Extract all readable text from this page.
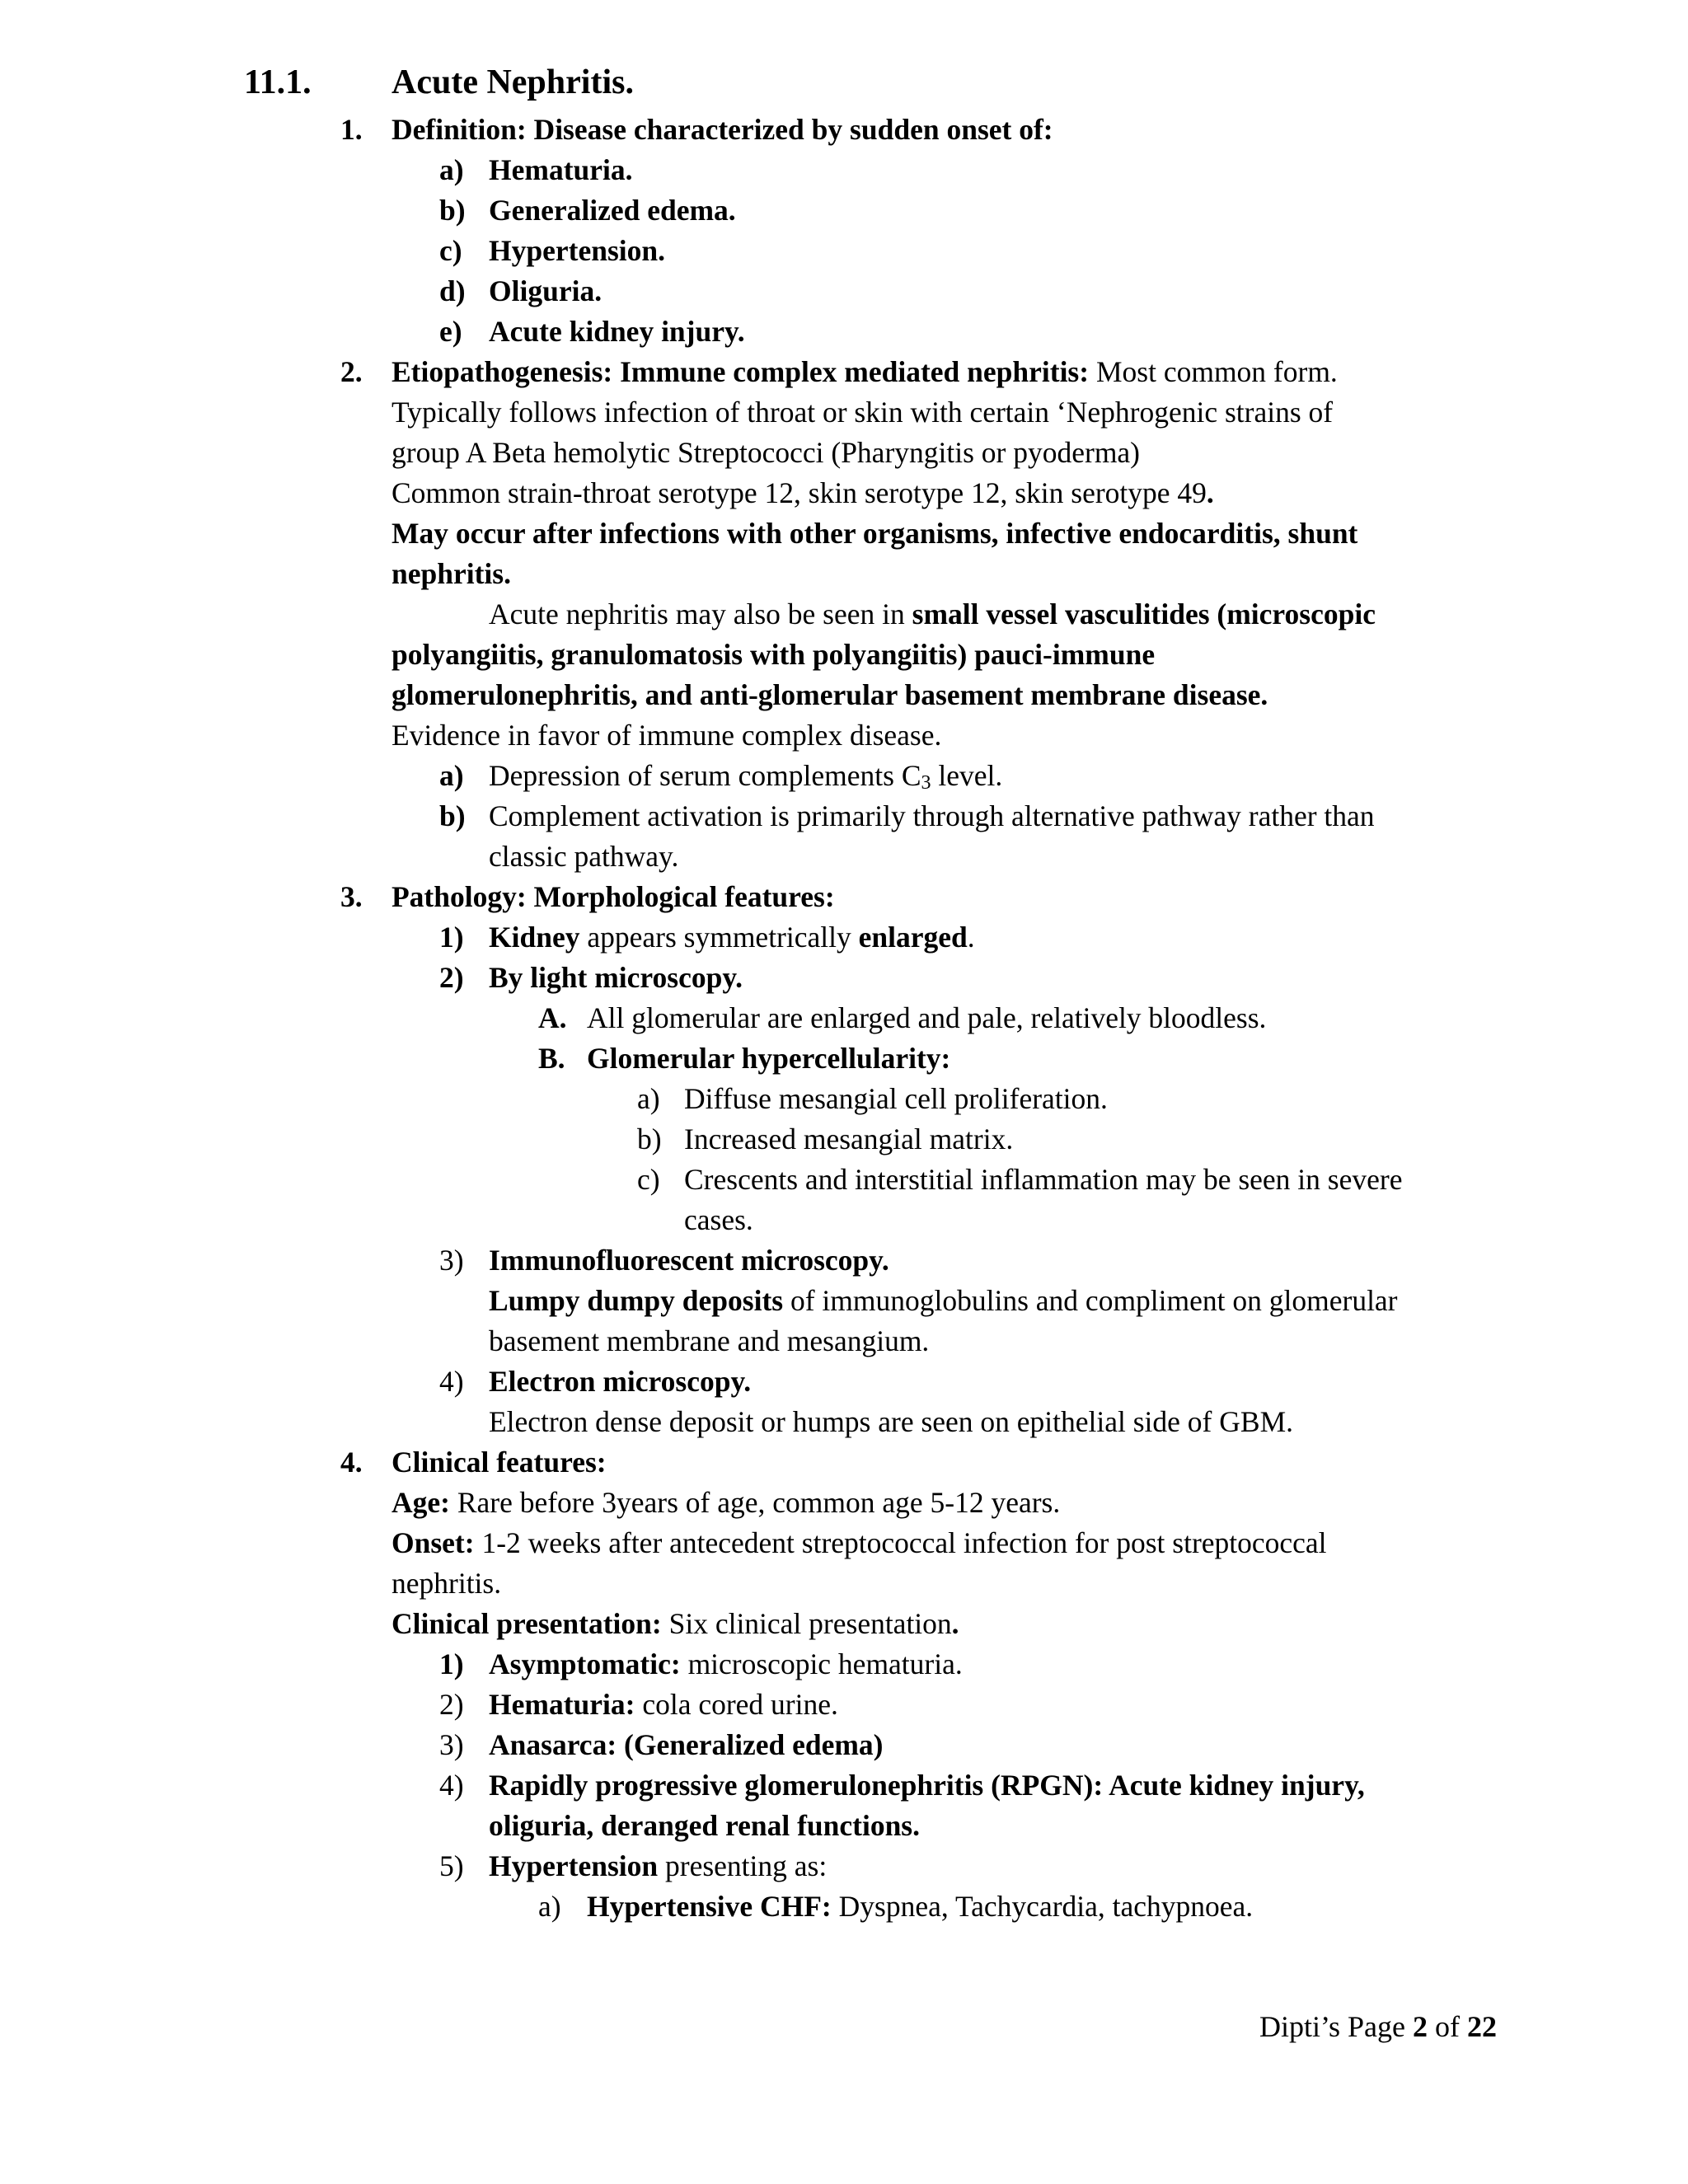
11.1. Acute Nephritis.
1. Definition: Disease characterized by sudden onset of:
a) Hematuria.
b) Generalized edema.
c) Hypertension.
d) Oliguria.
e) Acute kidney injury.
2. Etiopathogenesis: Immune complex mediated nephritis: Most common form.
Typically follows infection of throat or skin with certain ‘Nephrogenic strains of
group A Beta hemolytic Streptococci (Pharyngitis or pyoderma)
Common strain-throat serotype 12, skin serotype 12, skin serotype 49.
May occur after infections with other organisms, infective endocarditis, shunt
nephritis.
Acute nephritis may also be seen in small vessel vasculitides (microscopic
polyangiitis, granulomatosis with polyangiitis) pauci-immune
glomerulonephritis, and anti-glomerular basement membrane disease.
Evidence in favor of immune complex disease.
a) Depression of serum complements $C_3$ level.
b) Complement activation is primarily through alternative pathway rather than
classic pathway.
3. Pathology: Morphological features:
1) Kidney appears symmetrically enlarged.
2) By light microscopy.
A. All glomerular are enlarged and pale, relatively bloodless.
B. Glomerular hypercellularity:
a) Diffuse mesangial cell proliferation.
b) Increased mesangial matrix.
c) Crescents and interstitial inflammation may be seen in severe
cases.
3) Immunofluorescent microscopy.
Lumpy dumpy deposits of immunoglobulins and compliment on glomerular
basement membrane and mesangium.
4) Electron microscopy.
Electron dense deposit or humps are seen on epithelial side of GBM.
4. Clinical features:
Age: Rare before 3years of age, common age 5-12 years.
Onset: 1-2 weeks after antecedent streptococcal infection for post streptococcal
nephritis.
Clinical presentation: Six clinical presentation.
1) Asymptomatic: microscopic hematuria.
2) Hematuria: cola cored urine.
3) Anasarca: (Generalized edema)
4) Rapidly progressive glomerulonephritis (RPGN): Acute kidney injury,
oliguria, deranged renal functions.
5) Hypertension presenting as:
a) Hypertensive CHF: Dyspnea, Tachycardia, tachypnoea.
Dipti’s Page 2 of 22
